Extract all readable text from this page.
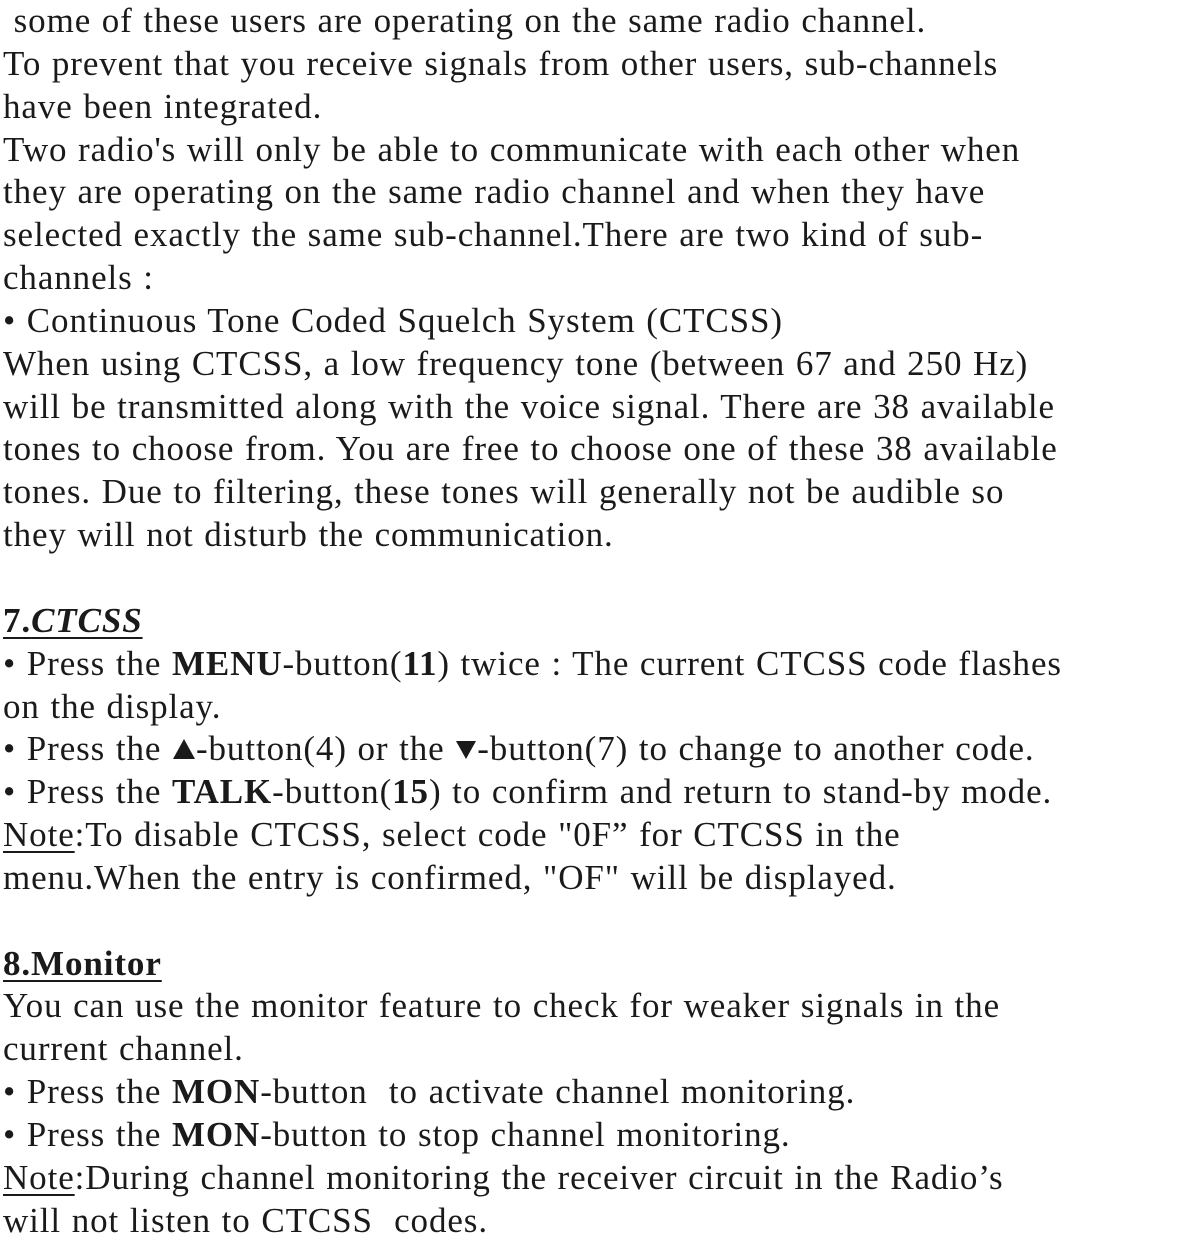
some of these users are operating on the same radio channel.
To prevent that you receive signals from other users, sub-channels
have been integrated.
Two radio's will only be able to communicate with each other when
they are operating on the same radio channel and when they have
selected exactly the same sub-channel.There are two kind of sub-
channels :
• Continuous Tone Coded Squelch System (CTCSS)
When using CTCSS, a low frequency tone (between 67 and 250 Hz)
will be transmitted along with the voice signal. There are 38 available
tones to choose from. You are free to choose one of these 38 available
tones. Due to filtering, these tones will generally not be audible so
they will not disturb the communication.
7.CTCSS
• Press the MENU-button(11) twice : The current CTCSS code flashes
on the display.
• Press the
-button(4) or the
-button(7) to change to another code.
• Press the TALK-button(15) to confirm and return to stand-by mode.
Note:To disable CTCSS, select code "0F” for CTCSS in the
menu.When the entry is confirmed, "OF" will be displayed.
8.Monitor
You can use the monitor feature to check for weaker signals in the
current channel.
• Press the MON-button  to activate channel monitoring.
• Press the MON-button to stop channel monitoring.
Note:During channel monitoring the receiver circuit in the Radio’s
will not listen to CTCSS  codes.
